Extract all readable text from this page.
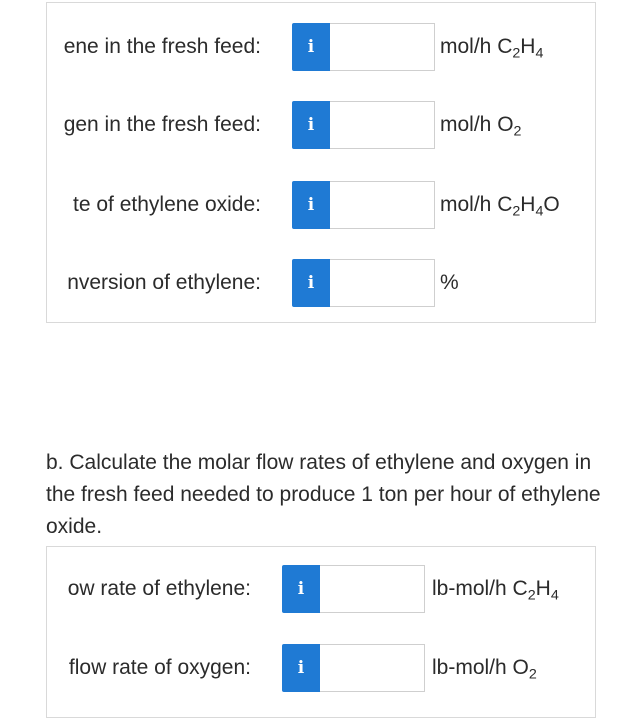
ene in the fresh feed:	i	mol/h $C_2H_4$
gen in the fresh feed:	i	mol/h $O_2$
te of ethylene oxide:	i	mol/h $C_2H_4O$
nversion of ethylene:	i	%

b. Calculate the molar flow rates of ethylene and oxygen in the fresh feed needed to produce 1 ton per hour of ethylene oxide.

ow rate of ethylene:	i	lb-mol/h $C_2H_4$
flow rate of oxygen:	i	lb-mol/h $O_2$
